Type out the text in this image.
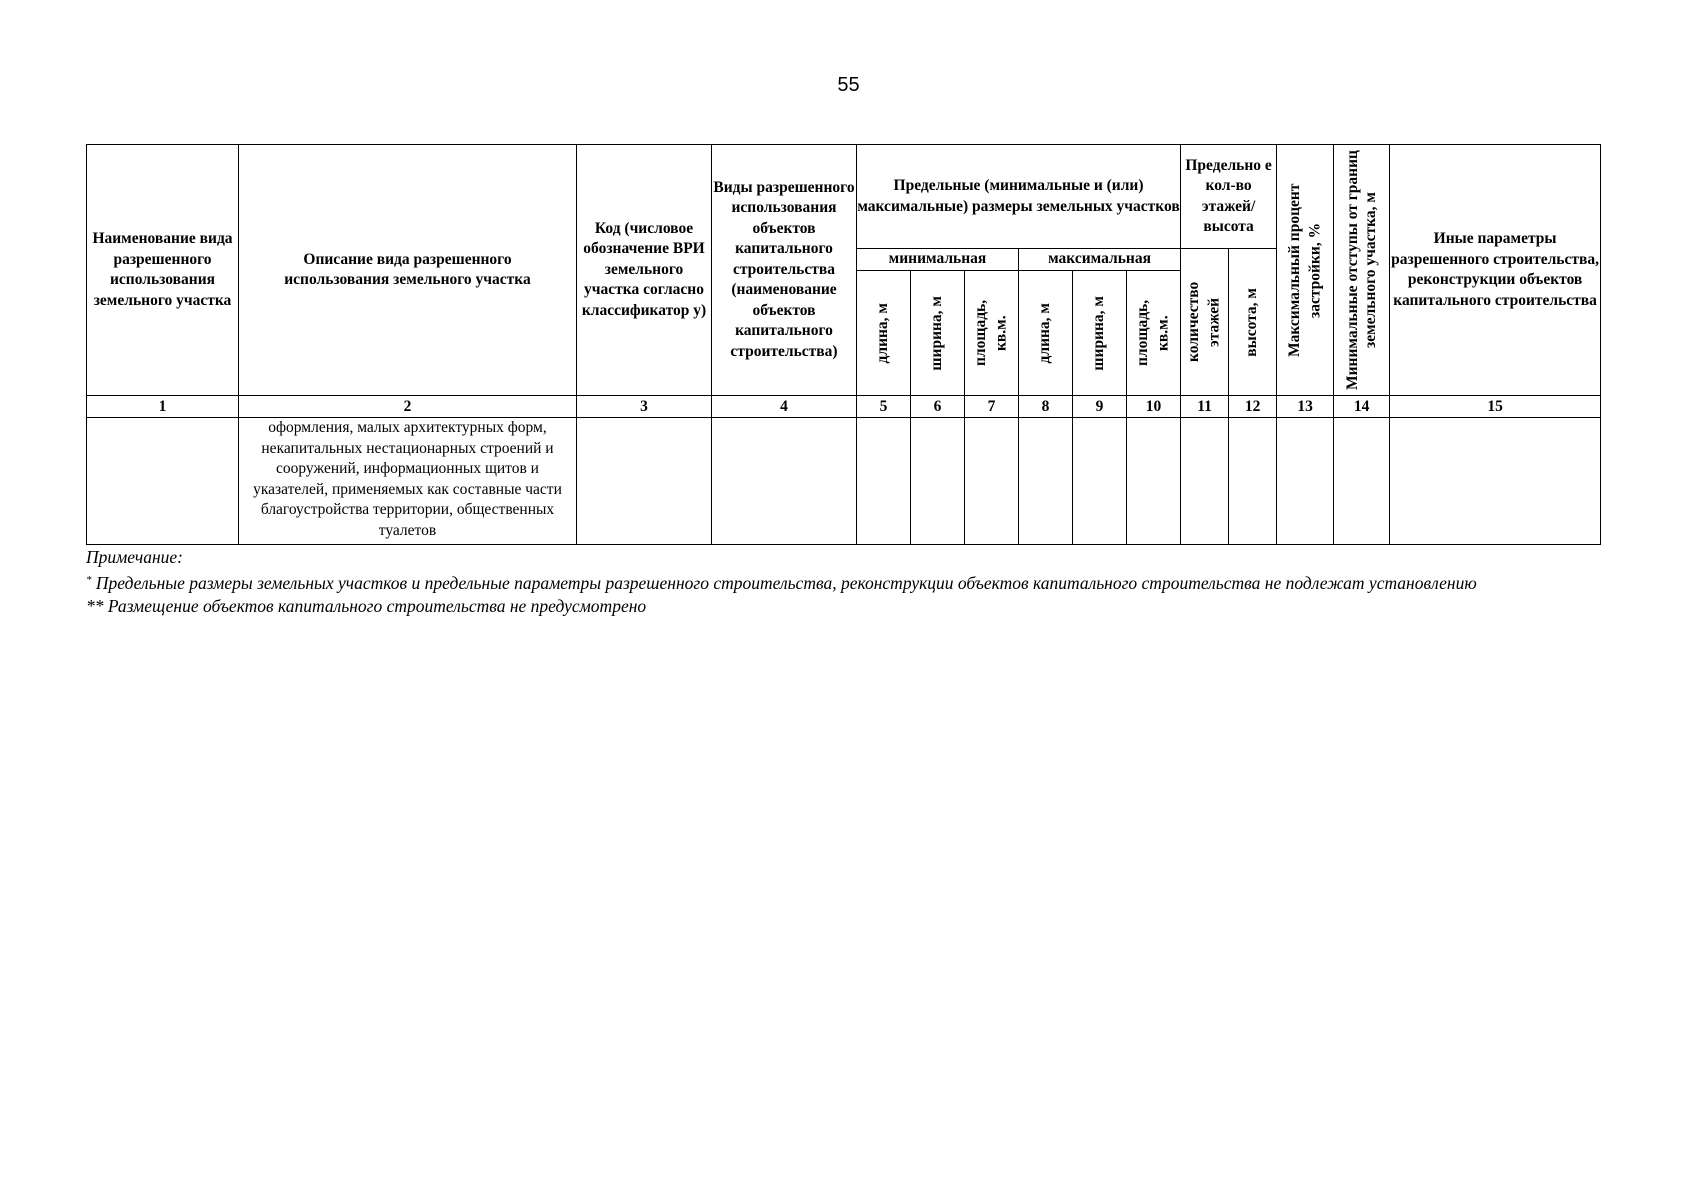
55
Наименование вида разрешенного использования земельного участка	Описание вида разрешенного использования земельного участка	Код (числовое обозначение ВРИ земельного участка согласно классификатор у)	Виды разрешенного использования объектов капитального строительства (наименование объектов капитального строительства)	Предельные (минимальные и (или) максимальные) размеры земельных участков						Предельно е кол-во этажей/ высота		Максимальный процент застройки, %	Минимальные отступы от границ земельного участка, м	Иные параметры разрешенного строительства, реконструкции объектов капитального строительства
				минимальная			максимальная			количество этажей	высота, м			

				длина, м	ширина, м	площадь, кв.м.	длина, м	ширина, м	площадь, кв.м.					

1	2	3	4	5	6	7	8	9	10	11	12	13	14	15
	оформления, малых архитектурных форм, некапитальных нестационарных строений и сооружений, информационных щитов и указателей, применяемых как составные части благоустройства территории, общественных туалетов													
Примечание:
* Предельные размеры земельных участков и предельные параметры разрешенного строительства, реконструкции объектов капитального строительства не подлежат установлению
** Размещение объектов капитального строительства не предусмотрено
